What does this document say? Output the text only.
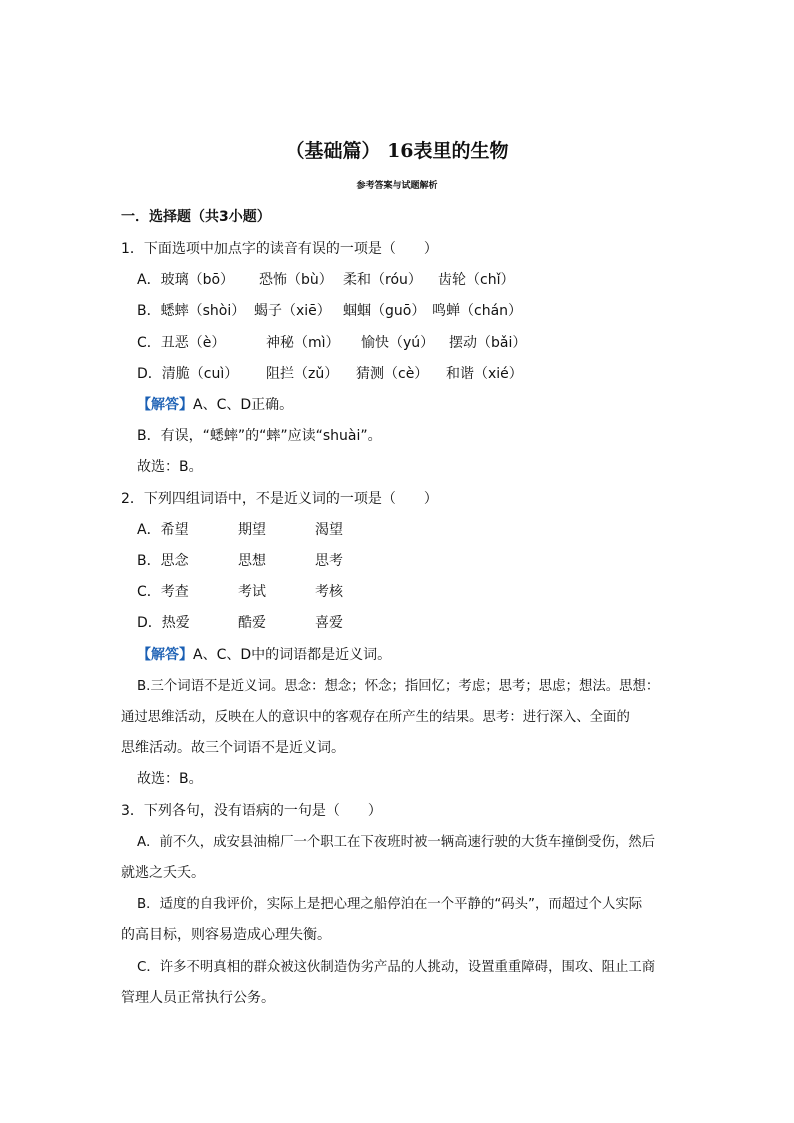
（基础篇） 16表里的生物
参考答案与试题解析
一．选择题（共3小题）
1．下面选项中加点字的读音有误的一项是（　　）
A．玻璃（bō） 恐怖（bù） 柔和（róu） 齿轮（chǐ）
B．蟋蟀（shòi） 蝎子（xiē） 蝈蝈（guō） 鸣蝉（chán）
C．丑恶（è）	神秘（mì） 愉快（yú） 摆动（bǎi）
D．清脆（cuì） 阻拦（zǔ） 猜测（cè） 和谐（xié）
【解答】A、C、D正确。
B．有误，“蟋蟀”的“蟀”应读“shuài”。
故选：B。
2．下列四组词语中，不是近义词的一项是（　　）
A．希望	期望	渴望
B．思念	思想	思考
C．考查	考试	考核
D．热爱	酷爱	喜爱
【解答】A、C、D中的词语都是近义词。
B.三个词语不是近义词。思念：想念；怀念；指回忆；考虑；思考；思虑；想法。思想：
通过思维活动，反映在人的意识中的客观存在所产生的结果。思考：进行深入、全面的
思维活动。故三个词语不是近义词。
故选：B。
3．下列各句，没有语病的一句是（　　）
A．前不久，成安县油棉厂一个职工在下夜班时被一辆高速行驶的大货车撞倒受伤，然后
就逃之夭夭。
B．适度的自我评价，实际上是把心理之船停泊在一个平静的“码头”，而超过个人实际
的高目标，则容易造成心理失衡。
C．许多不明真相的群众被这伙制造伪劣产品的人挑动，设置重重障碍，围攻、阻止工商
管理人员正常执行公务。
